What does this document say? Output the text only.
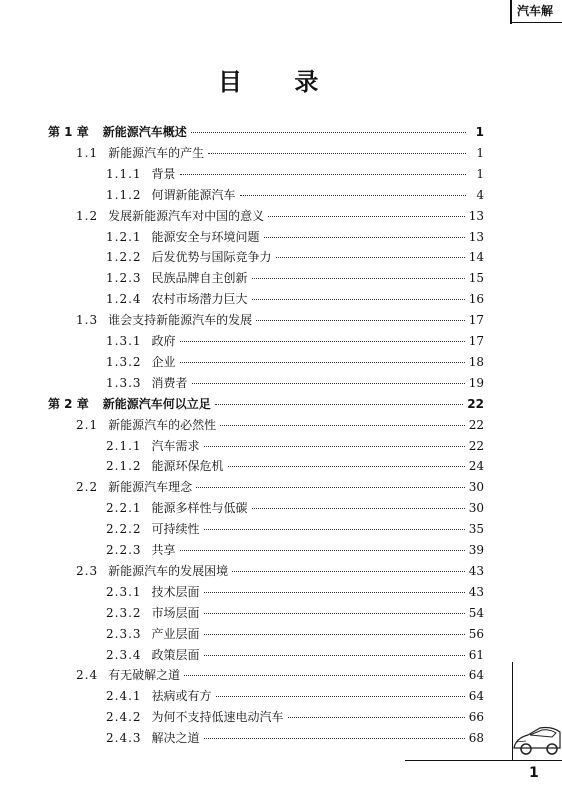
汽车解
目 录
第 1 章	新能源汽车概述	1
1.1 新能源汽车的产生	1
1.1.1 背景	1
1.1.2 何谓新能源汽车	4
1.2 发展新能源汽车对中国的意义	13
1.2.1 能源安全与环境问题	13
1.2.2 后发优势与国际竞争力	14
1.2.3 民族品牌自主创新	15
1.2.4 农村市场潜力巨大	16
1.3 谁会支持新能源汽车的发展	17
1.3.1 政府	17
1.3.2 企业	18
1.3.3 消费者	19
第 2 章	新能源汽车何以立足	22
2.1 新能源汽车的必然性	22
2.1.1 汽车需求	22
2.1.2 能源环保危机	24
2.2 新能源汽车理念	30
2.2.1 能源多样性与低碳	30
2.2.2 可持续性	35
2.2.3 共享	39
2.3 新能源汽车的发展困境	43
2.3.1 技术层面	43
2.3.2 市场层面	54
2.3.3 产业层面	56
2.3.4 政策层面	61
2.4 有无破解之道	64
2.4.1 祛病或有方	64
2.4.2 为何不支持低速电动汽车	66
2.4.3 解决之道	68
1
